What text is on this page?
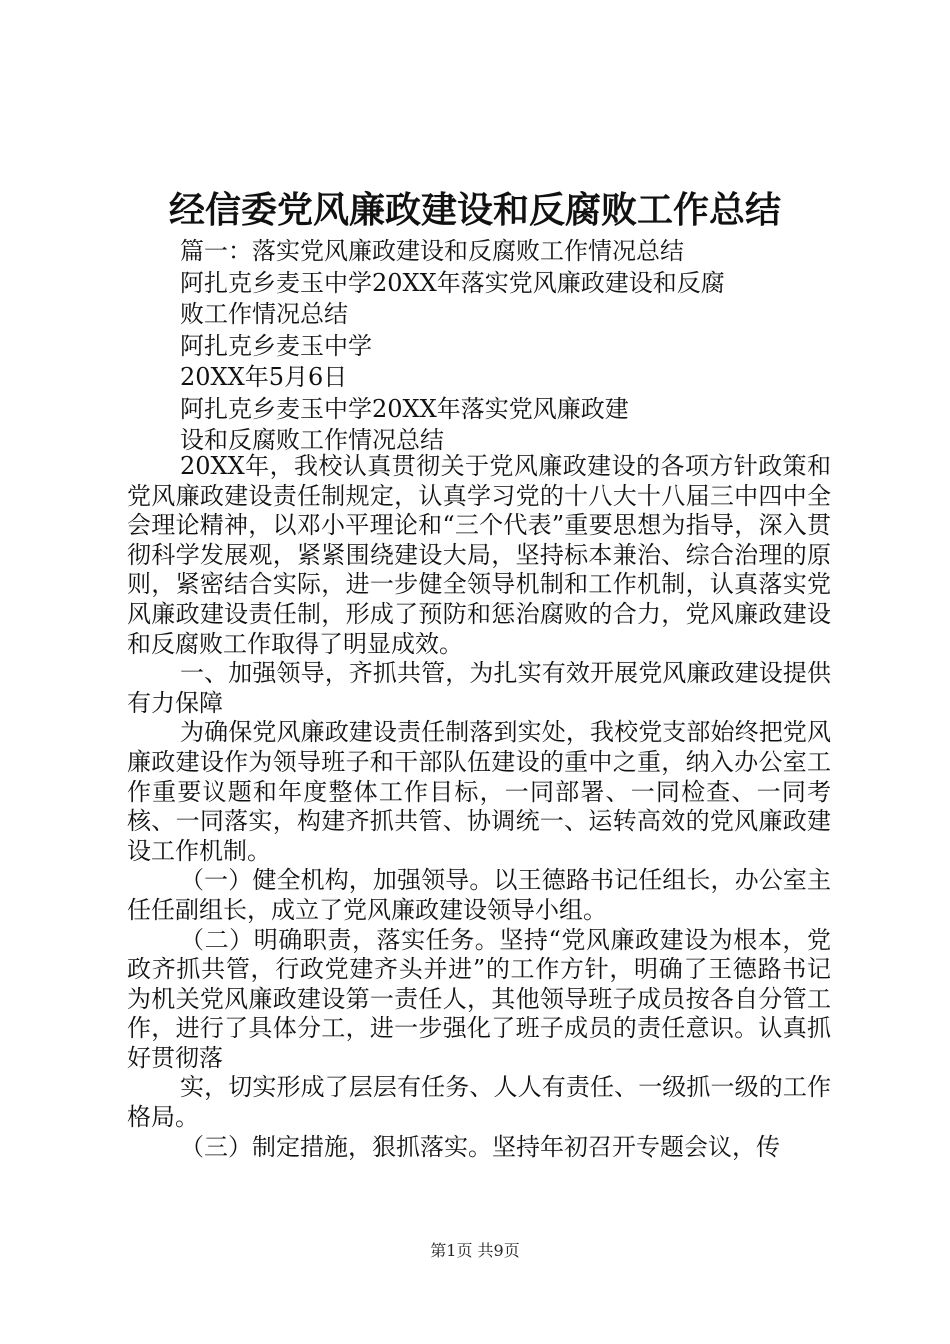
经信委党风廉政建设和反腐败工作总结
篇一：落实党风廉政建设和反腐败工作情况总结
阿扎克乡麦玉中学20XX年落实党风廉政建设和反腐
败工作情况总结
阿扎克乡麦玉中学
20XX年5月6日
阿扎克乡麦玉中学20XX年落实党风廉政建
设和反腐败工作情况总结

20XX年，我校认真贯彻关于党风廉政建设的各项方针政策和党风廉政建设责任制规定，认真学习党的十八大十八届三中四中全会理论精神，以邓小平理论和“三个代表”重要思想为指导，深入贯彻科学发展观，紧紧围绕建设大局，坚持标本兼治、综合治理的原则，紧密结合实际，进一步健全领导机制和工作机制，认真落实党风廉政建设责任制，形成了预防和惩治腐败的合力，党风廉政建设和反腐败工作取得了明显成效。

一、加强领导，齐抓共管，为扎实有效开展党风廉政建设提供有力保障

为确保党风廉政建设责任制落到实处，我校党支部始终把党风廉政建设作为领导班子和干部队伍建设的重中之重，纳入办公室工作重要议题和年度整体工作目标，一同部署、一同检查、一同考核、一同落实，构建齐抓共管、协调统一、运转高效的党风廉政建设工作机制。

（一）健全机构，加强领导。以王德路书记任组长，办公室主任任副组长，成立了党风廉政建设领导小组。

（二）明确职责，落实任务。坚持“党风廉政建设为根本，党政齐抓共管，行政党建齐头并进”的工作方针，明确了王德路书记为机关党风廉政建设第一责任人，其他领导班子成员按各自分管工作，进行了具体分工，进一步强化了班子成员的责任意识。认真抓好贯彻落

实，切实形成了层层有任务、人人有责任、一级抓一级的工作格局。

（三）制定措施，狠抓落实。坚持年初召开专题会议，传

第1页 共9页
